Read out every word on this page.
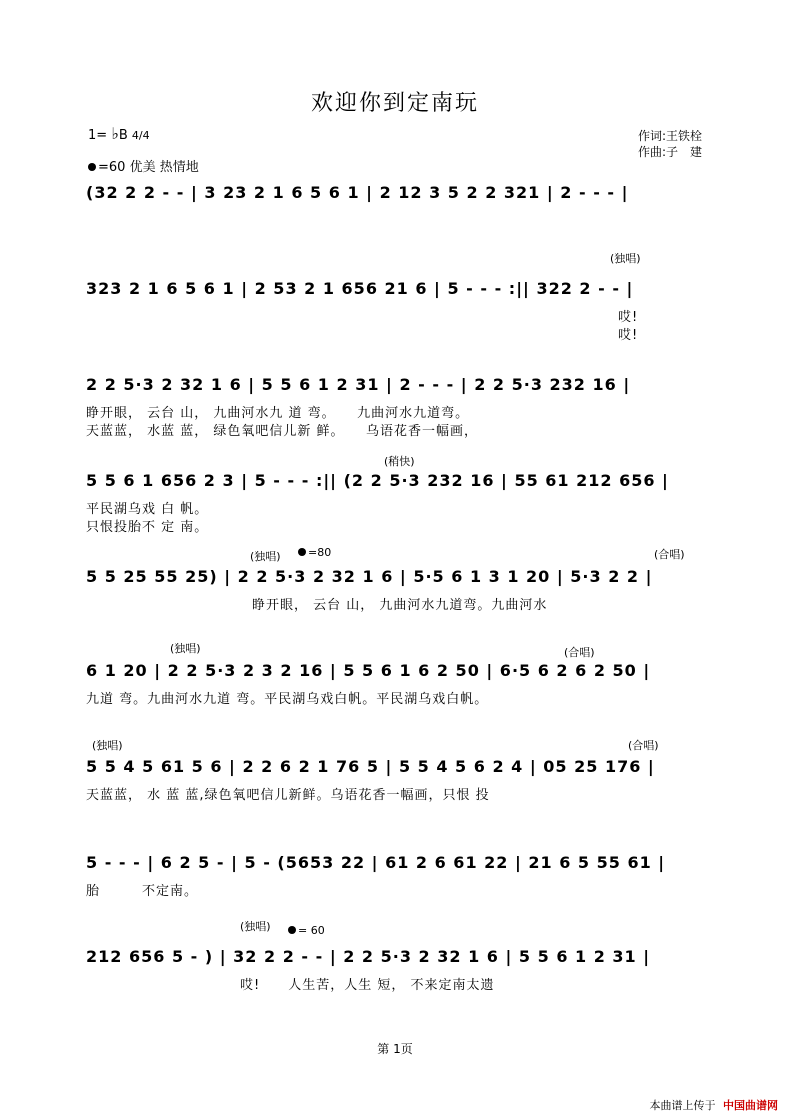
欢迎你到定南玩
1= ♭B 4/4
=60 优美 热情地
作词:王铁栓
作曲:子　建
(32 2 2 - - | 3 23 2 1 6 5 6 1 | 2 12 3 5 2 2 321 | 2 - - - |
(独唱)
323 2 1 6 5 6 1 | 2 53 2 1 656 21 6 | 5 - - - :|| 322 2 - - |
哎!
哎!
2 2 5·3 2 32 1 6 | 5 5 6 1 2 31 | 2 - - - | 2 2 5·3 232 16 |
睁开眼， 云台 山， 九曲河水九 道 弯。　　九曲河水九道弯。
天蓝蓝， 水蓝 蓝， 绿色氧吧信儿新 鲜。　　乌语花香一幅画，
(稍快)
5 5 6 1 656 2 3 | 5 - - - :|| (2 2 5·3 232 16 | 55 61 212 656 |
平民湖乌戏 白 帆。
只恨投胎不 定 南。
(独唱)	=80	(合唱)
5 5 25 55 25) | 2 2 5·3 2 32 1 6 | 5·5 6 1 3 1 20 | 5·3 2 2 |
睁开眼， 云台 山， 九曲河水九道弯。九曲河水
(独唱)	(合唱)
6 1 20 | 2 2 5·3 2 3 2 16 | 5 5 6 1 6 2 50 | 6·5 6 2 6 2 50 |
九道 弯。九曲河水九道 弯。平民湖乌戏白帆。平民湖乌戏白帆。
(独唱)	(合唱)
5 5 4 5 61 5 6 | 2 2 6 2 1 76 5 | 5 5 4 5 6 2 4 | 05 25 176 |
天蓝蓝， 水 蓝 蓝,绿色氧吧信儿新鲜。乌语花香一幅画，只恨 投
5 - - - | 6 2 5 - | 5 - (5653 22 | 61 2 6 61 22 | 21 6 5 55 61 |
胎　　　不定南。
(独唱)	= 60
212 656 5 - ) | 32 2 2 - - | 2 2 5·3 2 32 1 6 | 5 5 6 1 2 31 |
哎!　　人生苦，人生 短， 不来定南太遗
第 1页
本曲谱上传于 中国曲谱网
